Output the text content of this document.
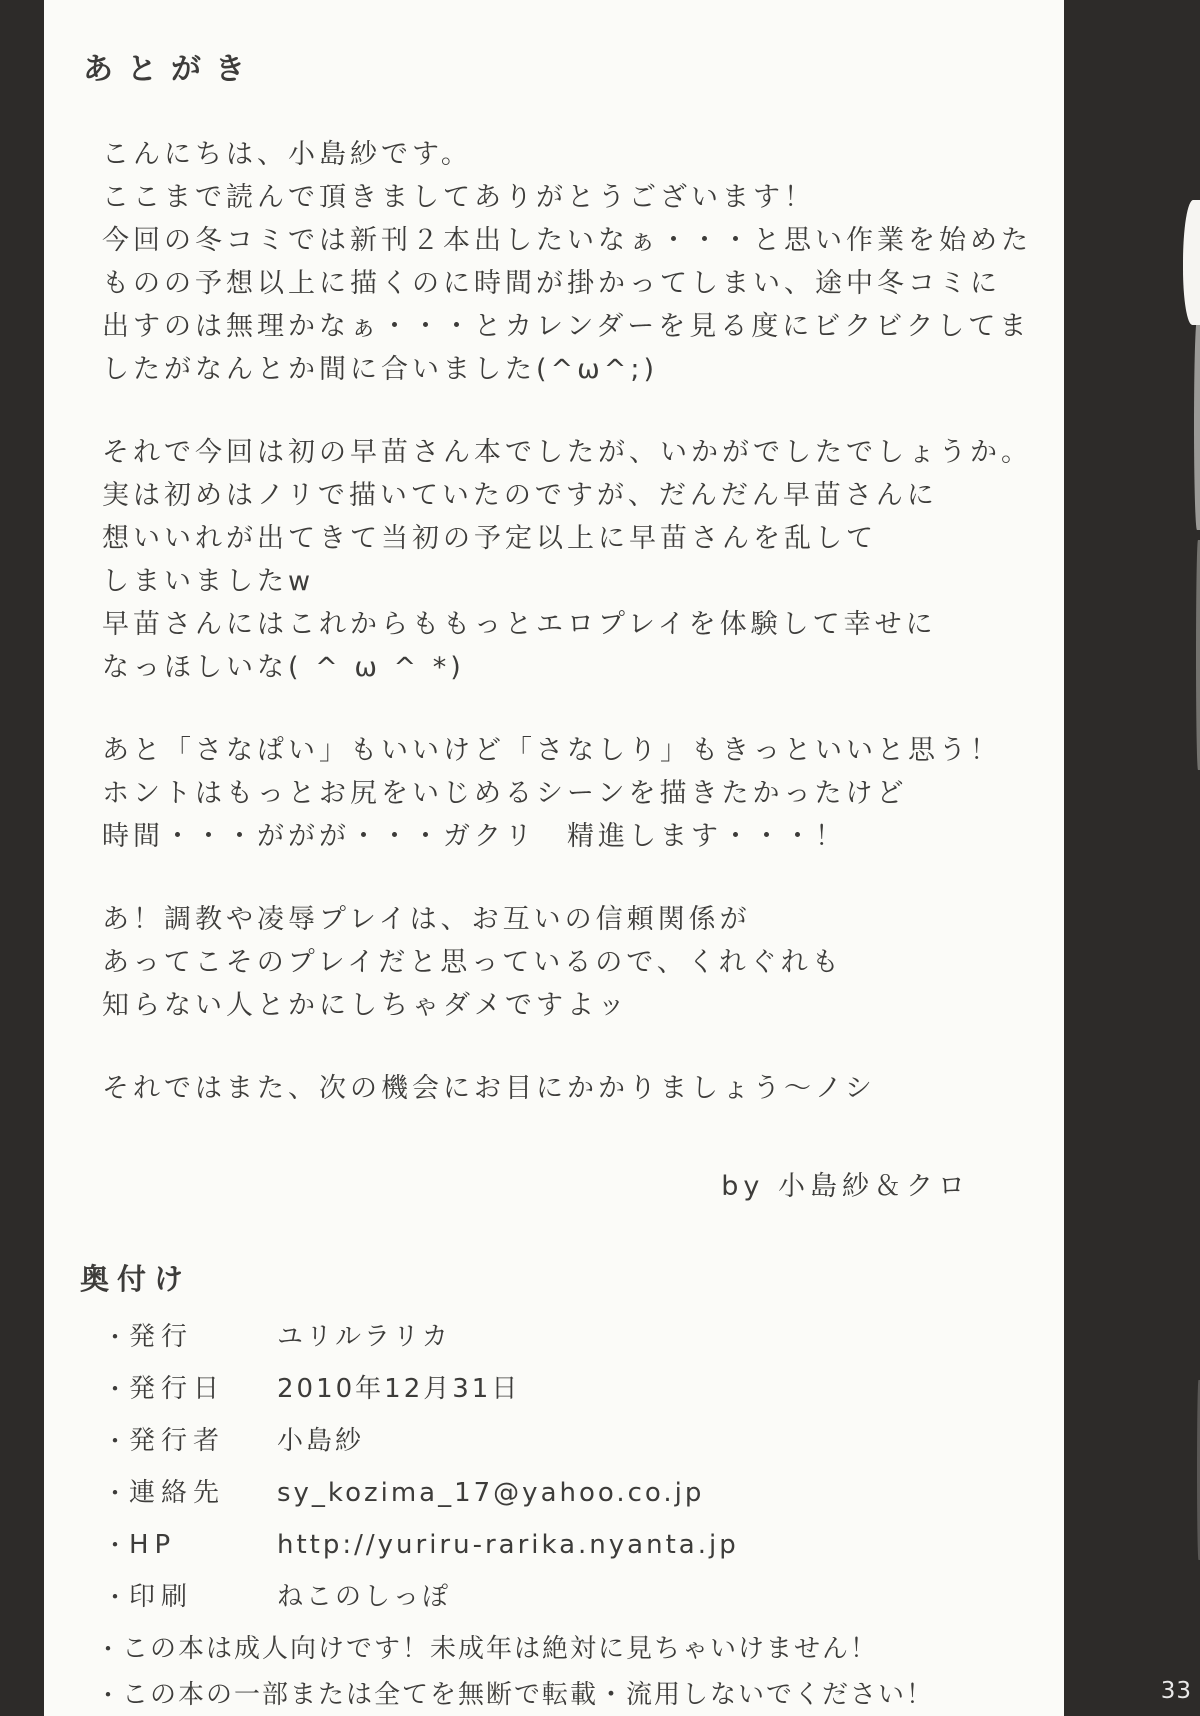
あとがき
こんにちは、小島紗です。
ここまで読んで頂きましてありがとうございます！
今回の冬コミでは新刊２本出したいなぁ・・・と思い作業を始めた
ものの予想以上に描くのに時間が掛かってしまい、途中冬コミに
出すのは無理かなぁ・・・とカレンダーを見る度にビクビクしてま
したがなんとか間に合いました(^ω^;)
それで今回は初の早苗さん本でしたが、いかがでしたでしょうか。
実は初めはノリで描いていたのですが、だんだん早苗さんに
想いいれが出てきて当初の予定以上に早苗さんを乱して
しまいましたw
早苗さんにはこれからももっとエロプレイを体験して幸せに
なっほしいな( ^ ω ^ *)
あと「さなぱい」もいいけど「さなしり」もきっといいと思う！
ホントはもっとお尻をいじめるシーンを描きたかったけど
時間・・・ががが・・・ガクリ　精進します・・・！
あ！調教や凌辱プレイは、お互いの信頼関係が
あってこそのプレイだと思っているので、くれぐれも
知らない人とかにしちゃダメですよッ
それではまた、次の機会にお目にかかりましょう〜ノシ
by 小島紗＆クロ
奥付け
・ 発行	ユリルラリカ
・ 発行日	2010年12月31日
・ 発行者	小島紗
・ 連絡先	sy_kozima_17@yahoo.co.jp
・ HP	http://yuriru-rarika.nyanta.jp
・ 印刷	ねこのしっぽ
・ この本は成人向けです！未成年は絶対に見ちゃいけません！
・ この本の一部または全てを無断で転載・流用しないでください！	33
